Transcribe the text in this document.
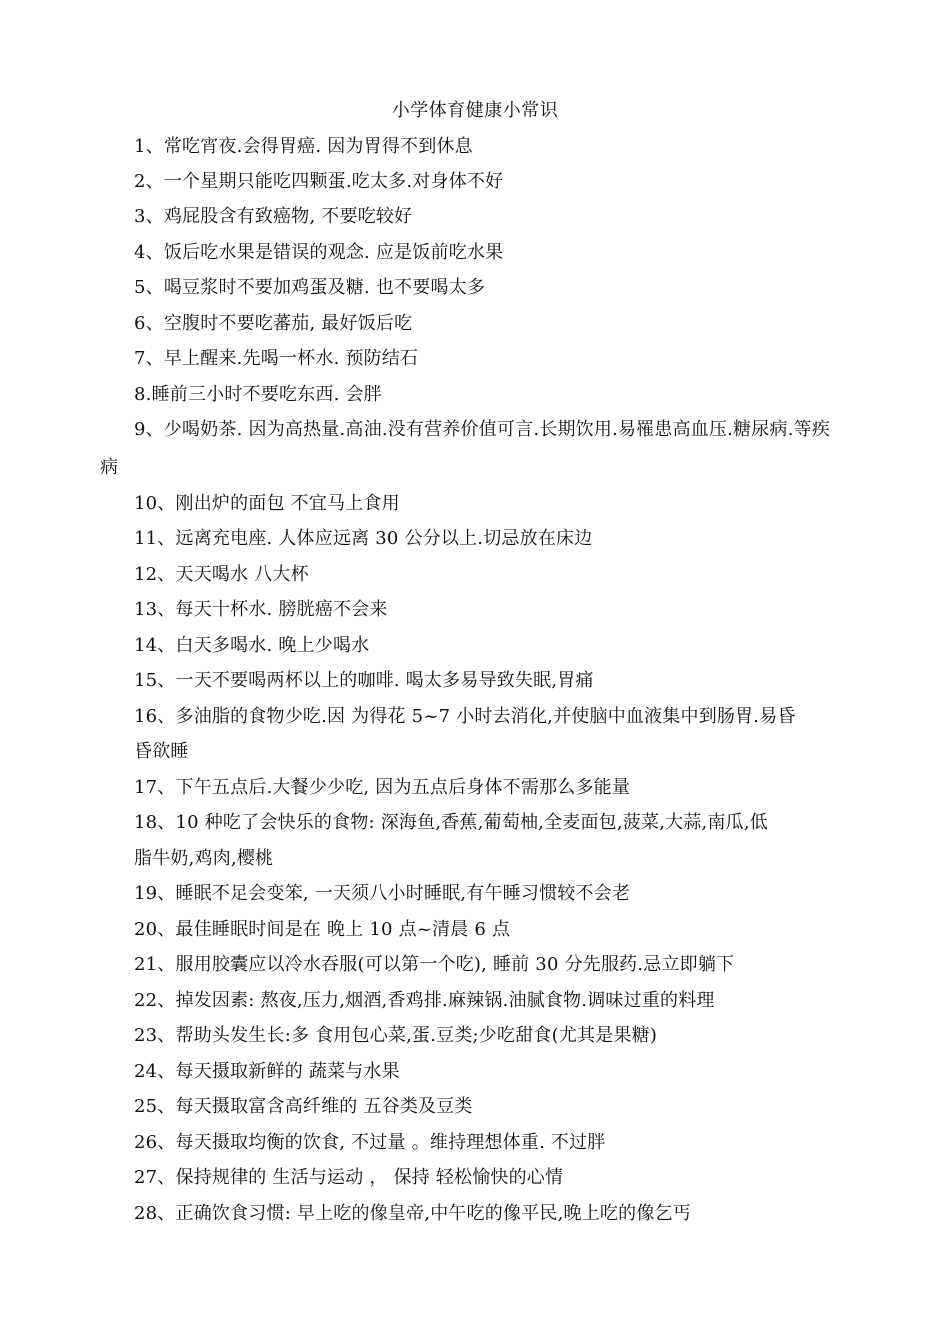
小学体育健康小常识
1、常吃宵夜.会得胃癌. 因为胃得不到休息
2、一个星期只能吃四颗蛋.吃太多.对身体不好
3、鸡屁股含有致癌物, 不要吃较好
4、饭后吃水果是错误的观念. 应是饭前吃水果
5、喝豆浆时不要加鸡蛋及糖. 也不要喝太多
6、空腹时不要吃蕃茄, 最好饭后吃
7、早上醒来.先喝一杯水. 预防结石
8.睡前三小时不要吃东西. 会胖
9、少喝奶茶. 因为高热量.高油.没有营养价值可言.长期饮用.易罹患高血压.糖尿病.等疾
病
10、刚出炉的面包 不宜马上食用
11、远离充电座. 人体应远离 30 公分以上.切忌放在床边
12、天天喝水 八大杯
13、每天十杯水. 膀胱癌不会来
14、白天多喝水. 晚上少喝水
15、一天不要喝两杯以上的咖啡. 喝太多易导致失眠,胃痛
16、多油脂的食物少吃.因 为得花 5~7 小时去消化,并使脑中血液集中到肠胃.易昏
昏欲睡
17、下午五点后.大餐少少吃, 因为五点后身体不需那么多能量
18、10 种吃了会快乐的食物: 深海鱼,香蕉,葡萄柚,全麦面包,菠菜,大蒜,南瓜,低
脂牛奶,鸡肉,樱桃
19、睡眠不足会变笨, 一天须八小时睡眠,有午睡习惯较不会老
20、最佳睡眠时间是在 晚上 10 点~清晨 6 点
21、服用胶囊应以冷水吞服(可以第一个吃), 睡前 30 分先服药.忌立即躺下
22、掉发因素: 熬夜,压力,烟酒,香鸡排.麻辣锅.油腻食物.调味过重的料理
23、帮助头发生长:多 食用包心菜,蛋.豆类;少吃甜食(尤其是果糖)
24、每天摄取新鲜的 蔬菜与水果
25、每天摄取富含高纤维的 五谷类及豆类
26、每天摄取均衡的饮食, 不过量 。维持理想体重. 不过胖
27、保持规律的 生活与运动 ， 保持 轻松愉快的心情
28、正确饮食习惯: 早上吃的像皇帝,中午吃的像平民,晚上吃的像乞丐
